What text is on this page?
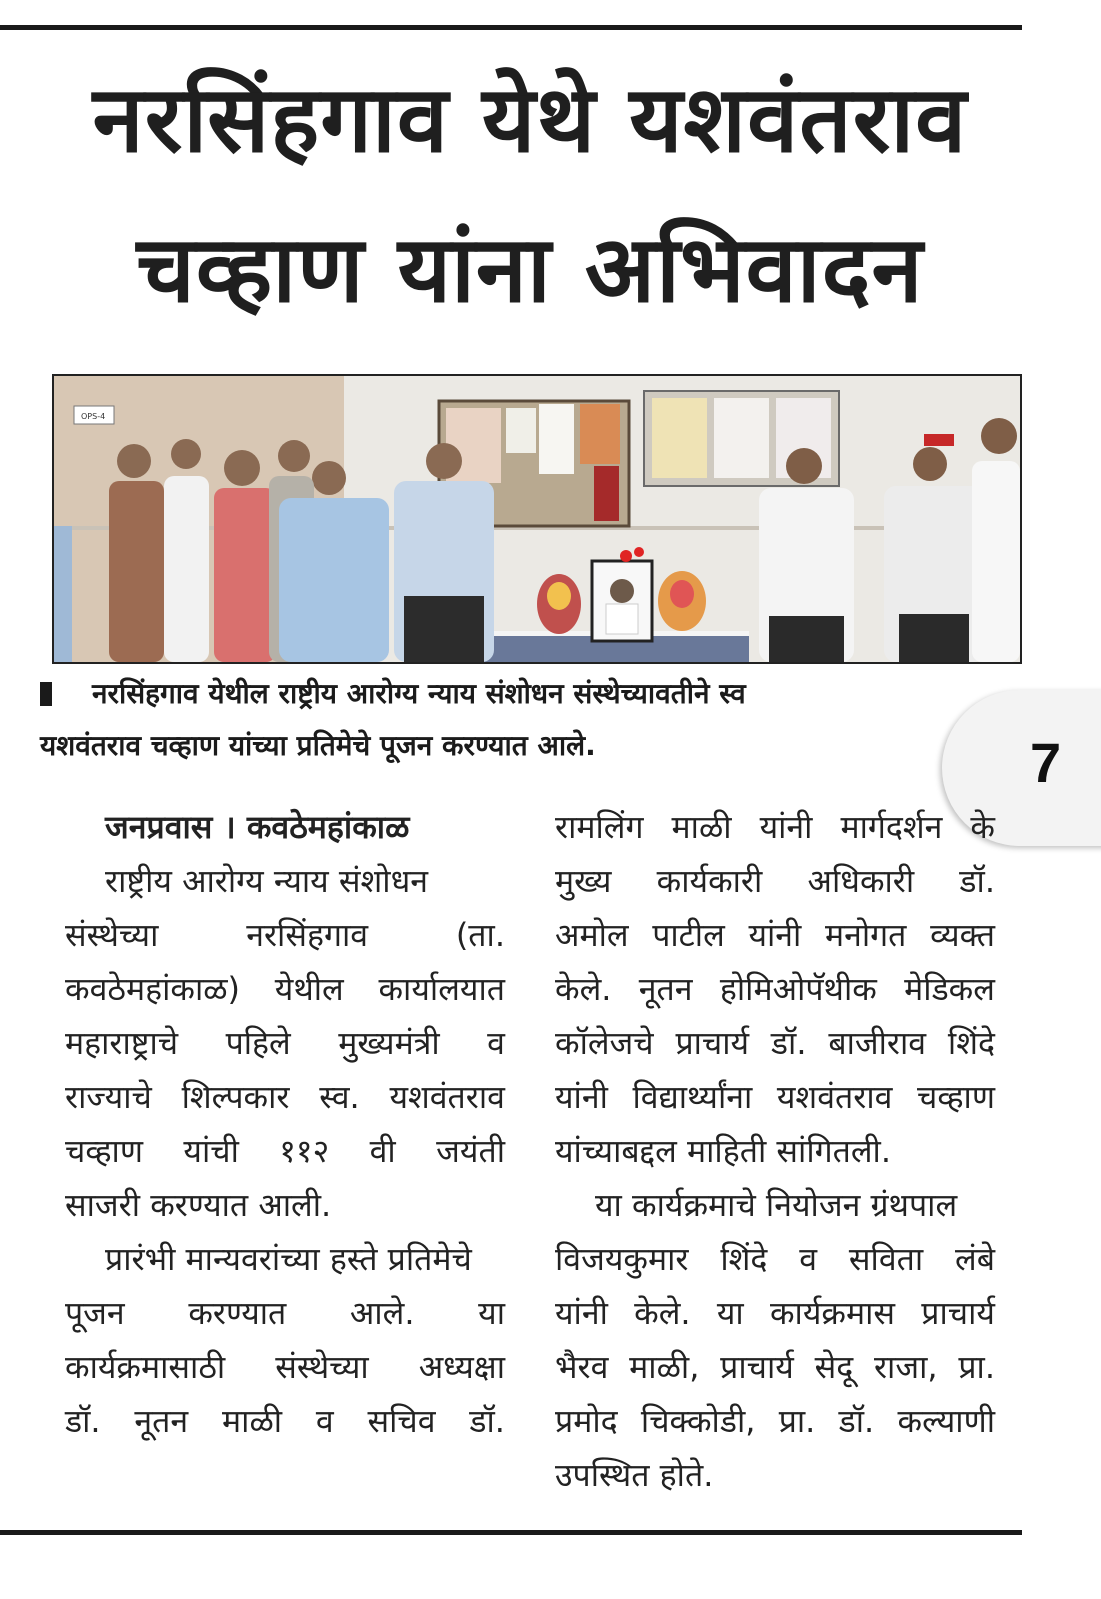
नरसिंहगाव येथे यशवंतराव
चव्हाण यांना अभिवादन
OPS-4
नरसिंहगाव येथील राष्ट्रीय आरोग्य न्याय संशोधन संस्थेच्यावतीने स्व
यशवंतराव चव्हाण यांच्या प्रतिमेचे पूजन करण्यात आले.	7
जनप्रवास । कवठेमहांकाळ
राष्ट्रीय आरोग्य न्याय संशोधन
संस्थेच्या	नरसिंहगाव	(ता.
कवठेमहांकाळ) येथील कार्यालयात
महाराष्ट्राचे पहिले मुख्यमंत्री व
राज्याचे शिल्पकार स्व. यशवंतराव
चव्हाण यांची ११२ वी जयंती
साजरी करण्यात आली.
प्रारंभी मान्यवरांच्या हस्ते प्रतिमेचे
पूजन करण्यात आले. या
कार्यक्रमासाठी संस्थेच्या अध्यक्षा
डॉ. नूतन माळी व सचिव डॉ.
रामलिंग माळी यांनी मार्गदर्शन के
मुख्य कार्यकारी अधिकारी डॉ.
अमोल पाटील यांनी मनोगत व्यक्त
केले. नूतन होमिओपॅथीक मेडिकल
कॉलेजचे प्राचार्य डॉ. बाजीराव शिंदे
यांनी विद्यार्थ्यांना यशवंतराव चव्हाण
यांच्याबद्दल माहिती सांगितली.
या कार्यक्रमाचे नियोजन ग्रंथपाल
विजयकुमार शिंदे व सविता लंबे
यांनी केले. या कार्यक्रमास प्राचार्य
भैरव माळी, प्राचार्य सेदू राजा, प्रा.
प्रमोद चिक्कोडी, प्रा. डॉ. कल्याणी
उपस्थित होते.
